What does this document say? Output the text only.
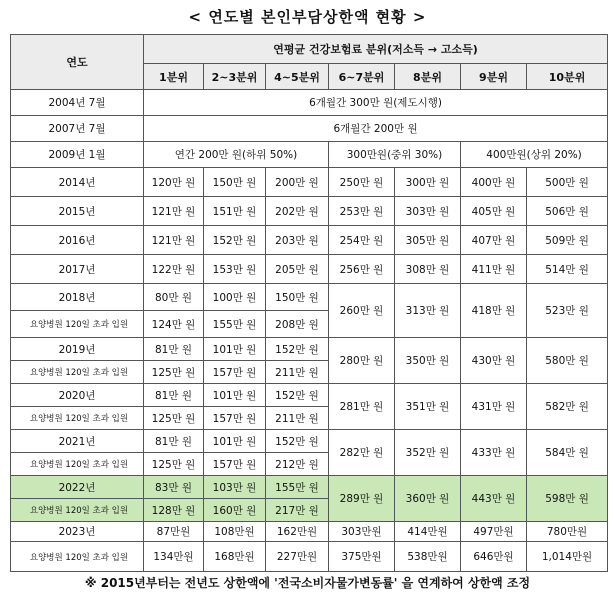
< 연도별 본인부담상한액 현황 >
연도	연평균 건강보험료 분위(저소득 → 고소득)						
	1분위	2~3분위	4~5분위	6~7분위	8분위	9분위	10분위
2004년 7월	6개월간 300만 원(제도시행)						
2007년 7월	6개월간 200만 원						
2009년 1월	연간 200만 원(하위 50%)			300만원(중위 30%)		400만원(상위 20%)	
2014년	120만 원	150만 원	200만 원	250만 원	300만 원	400만 원	500만 원
2015년	121만 원	151만 원	202만 원	253만 원	303만 원	405만 원	506만 원
2016년	121만 원	152만 원	203만 원	254만 원	305만 원	407만 원	509만 원
2017년	122만 원	153만 원	205만 원	256만 원	308만 원	411만 원	514만 원
2018년	80만 원	100만 원	150만 원	260만 원	313만 원	418만 원	523만 원
요양병원 120일 초과 입원	124만 원	155만 원	208만 원				
2019년	81만 원	101만 원	152만 원	280만 원	350만 원	430만 원	580만 원
요양병원 120일 초과 입원	125만 원	157만 원	211만 원				
2020년	81만 원	101만 원	152만 원	281만 원	351만 원	431만 원	582만 원
요양병원 120일 초과 입원	125만 원	157만 원	211만 원				
2021년	81만 원	101만 원	152만 원	282만 원	352만 원	433만 원	584만 원
요양병원 120일 초과 입원	125만 원	157만 원	212만 원				
2022년	83만 원	103만 원	155만 원	289만 원	360만 원	443만 원	598만 원
요양병원 120일 초과 입원	128만 원	160만 원	217만 원				
2023년	87만원	108만원	162만원	303만원	414만원	497만원	780만원
요양병원 120일 초과 입원	134만원	168만원	227만원	375만원	538만원	646만원	1,014만원
※ 2015년부터는 전년도 상한액에 '전국소비자물가변동률' 을 연계하여 상한액 조정
